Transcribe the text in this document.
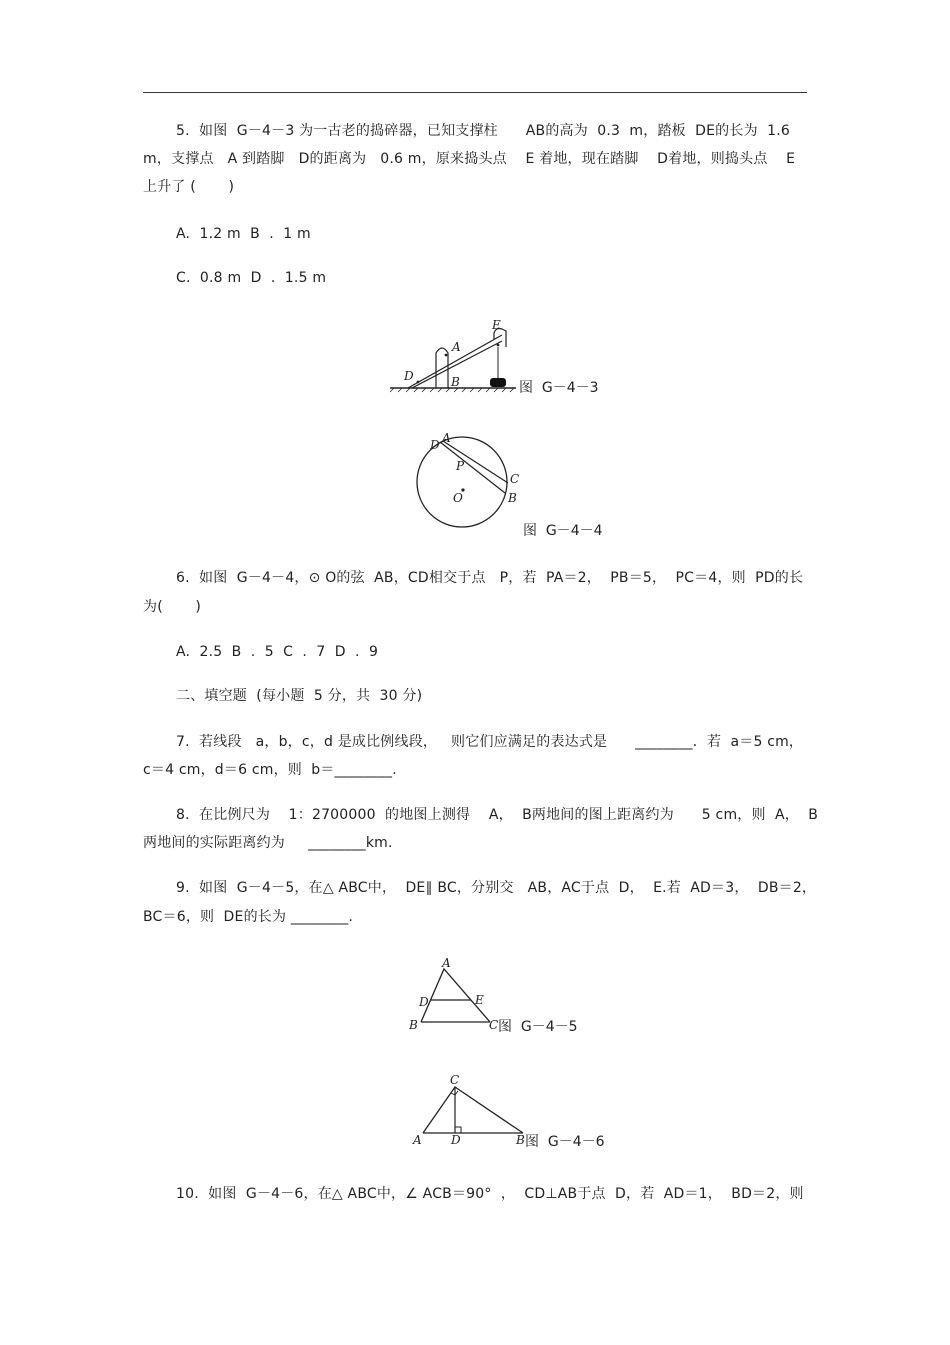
5.  如图  G－4－3 为一古老的捣碎器，已知支撑柱      AB的高为  0.3  m，踏板  DE的长为  1.6
m，支撑点   A 到踏脚   D的距离为   0.6 m，原来捣头点    E 着地，现在踏脚    D着地，则捣头点    E
上升了 (       )
A.  1.2 m  B  .  1 m
C.  0.8 m  D  .  1.5 m
D
A
B
E
图  G－4－3
D A
P
C
B
O
图  G－4－4
6.  如图  G－4－4，⊙ O的弦  AB，CD相交于点   P，若  PA＝2，  PB＝5，  PC＝4，则  PD的长
为(       )
A.  2.5  B  .  5  C  .  7  D  .  9
二、填空题  (每小题  5 分，共  30 分)
7.  若线段   a，b，c，d 是成比例线段，   则它们应满足的表达式是      ________．若  a＝5 cm，
c＝4 cm，d＝6 cm，则  b＝________.
8.  在比例尺为    1：2700000  的地图上测得    A，  B两地间的图上距离约为      5 cm，则  A，  B
两地间的实际距离约为     ________km.
9.  如图  G－4－5，在△ ABC中，  DE∥ BC，分别交   AB，AC于点  D，  E.若  AD＝3，  DB＝2，
BC＝6，则  DE的长为 ________.
A
D	E
B	C 图  G－4－5
C
A D	B 图  G－4－6
10.  如图  G－4－6，在△ ABC中，∠ ACB＝90°  ，  CD⊥AB于点  D，若  AD＝1，  BD＝2，则
